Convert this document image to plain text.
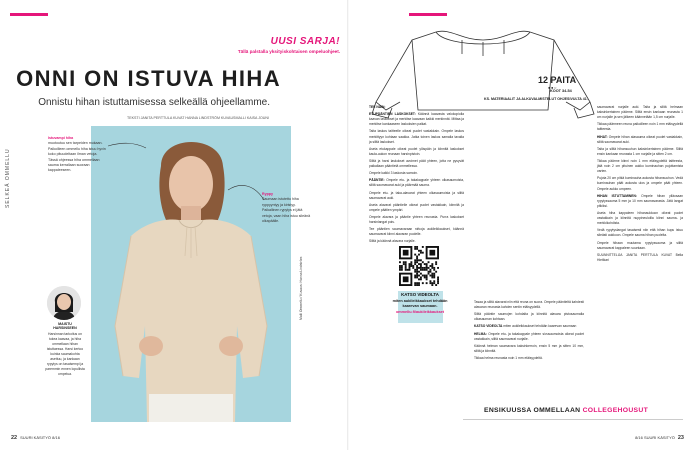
SELKEÄ OMMELLU
UUSI SARJA!
Tällä palstalla yksityiskohtaisen ompeluohjeet.
ONNI ON ISTUVA HIHA
Onnistu hihan istuttamisessa selkeällä ohjeellamme.
TEKSTI JANITA PERTTULA KUVAT HANNA LINDSTRÖM KUVAUSMALLI KAISA JOUNI
Malli Ommellu / Kuvaus: Hanna Lindström
Istuvampi hiha
muotoutuu sen tarpeiden mukaan. Paikoilleen ommellu hiha istuu hyvin koko pituudeltaan ilman vetoja. Tässä ohjeessa hiha ommellaan sauma kerrallaan suoraan kappaleeseen.
Ryppy
Saumaan istutettu hiha ryppyyntyy ja kiristyy. Paikallinen rypytys ei jätä vetoja, vaan hiha istuu sileänä olkapäälle.
MAISTU HARSINSEEN
Harsinnan tarkoitus on tukea kaavaa, ja hiha ommellaan hihan istuttaessa. Harsi kertoo kuinka saumakohta asettuu, ja kankaan rypytys on tasaisempi ja paremmin ennen lopullista ompelua.
22 SUURI KÄSITYÖ 8/16
12 PAITA
●●○
KOOT 34-54
KS. MATERIAALIT JA ALKUVALMISTELUT OHJESIVULTA 41.

TEE NÄIN:

ETUPÄÄNTIEN LASKOKSET: Käännä kaavasta valokopiolla kaavan laskokset ja merkitse kaavaan kaikki merkinnät. Mittaa ja merkitse kankaaseen laskoksien paikat.

Taita laskos taitteelle oikeat puolet vastakkain. Ompele laskos merkittyyn kohtaan saakka. Jatka toinen laskos samalla tavalla ja silitä laskokset.

Aseta etukappale oikeat puolet ylöspäin ja kiinnitä laskokset kaula-aukon reunaan harsinpistoin.

Silitä ja harsi laskokset avoimet päät yhteen, jotta ne pysyvät paikallaan pääntietä ommellessa.

Ompele kaikki 3 laskosta samoin.

PÄÄNTIE: Ompele etu- ja takakappale yhteen olkasaumoista, silitä saumavarat auki ja päärmää sauma.

Ompele etu- ja taka-alavarat yhteen olkasaumoista ja silitä saumavarat auki.

Aseta alavarat pääntielle oikeat puolet vastakkain, kiinnitä ja ompele päätien ympäri.

Ompele alavara ja pääntie yhteen reunasta. Purra laskokset harsinlangat pois.

Tee pääntien saumavaraan nirkoja aukileikkaukset, käännä saumavarat kiinni alavaran puolelle.

Silitä ja käännä alavara nurjalle.

Tasaa ja silitä alavarat niin että reuna on suora. Ompele pääntieltä kahdesti alavaran reunasta kahden sentin etäisyydellä.

Silitä pääntie saumojen kohdalta ja kiinnitä alavara pistosaumalla olkasauman kohtaan.

KATSO VIDEOLTA miten aukileikkaukset tehdään kaarevan saumaan

HELMA: Ompele etu- ja takakappale yhteen sivusaumoista oikeat puolet vastakkain, silitä saumavarat nurjalle.

Käännä helman saumavara kaksinkerroin, ensin 5 mm ja sitten 10 mm, silitä ja kiinnitä.

Tikkaa helma reunasta noin 1 mm etäisyydeltä.

saumavarat nurjalle auki. Taita ja silitä helmaan kaksinkertainen päärme. Silitä ensin kankaan reunasta 1 cm nurjalle ja sen jälkeen käännetään 1,5 cm nurjalle.

Tikkaa päärmeen reuna paikoilleen noin 1 mm etäisyydellä taitteesta.

HIHAT: Ompele hihan alasauma oikeat puolet vastakkain, silitä saumavarat auki.

Taita ja silitä hihansuuhun kaksinkertainen päärme. Silitä ensin kankaan reunasta 1 cm nurjalle ja sitten 2 cm.

Tikkaa päärme kiinni noin 1 mm etäisyydeltä taitteesta, jätä noin 2 cm pituinen aukko kuminauhan pujottamista varten.

Pujota 20 cm pitkä kuminauha aukosta hihansuuhun. Vedä kuminauhan päät aukosta ulos ja ompele päät yhteen. Ompele aukko umpeen.

HIHAN ISTUTTAMINEN: Ompele hihan ylläosaan rypytyssauma 5 mm ja 10 mm saumavarasta. Jätä langat pitkiksi.

Aseta hiha kappaleen hihanaukkoon oikeat puolet vastakkain ja kiinnitä nuppineuloilla kiinni sauma- ja merkkikohdista.

Vedä rypytyslangat tasaisesti niin että hihan kupu istuu sileästi aukkoon. Ompele sauma hihan puolelta.

Ompele hihaan muutama rypytyssauma ja silitä saumavarat kappaleen suuntaan.

SUUNNITTELIJA JANITA PERTTULA KUVAT Bella Hietikari

KATSO VIDEOLTA
miten aukileikkaukset tehdään kaarevan saumaan.
ommellu.fi/aukileikkaukset
ENSIKUUSSA OMMELLAAN COLLEGEHOUSUT
8/16 SUURI KÄSITYÖ 23
